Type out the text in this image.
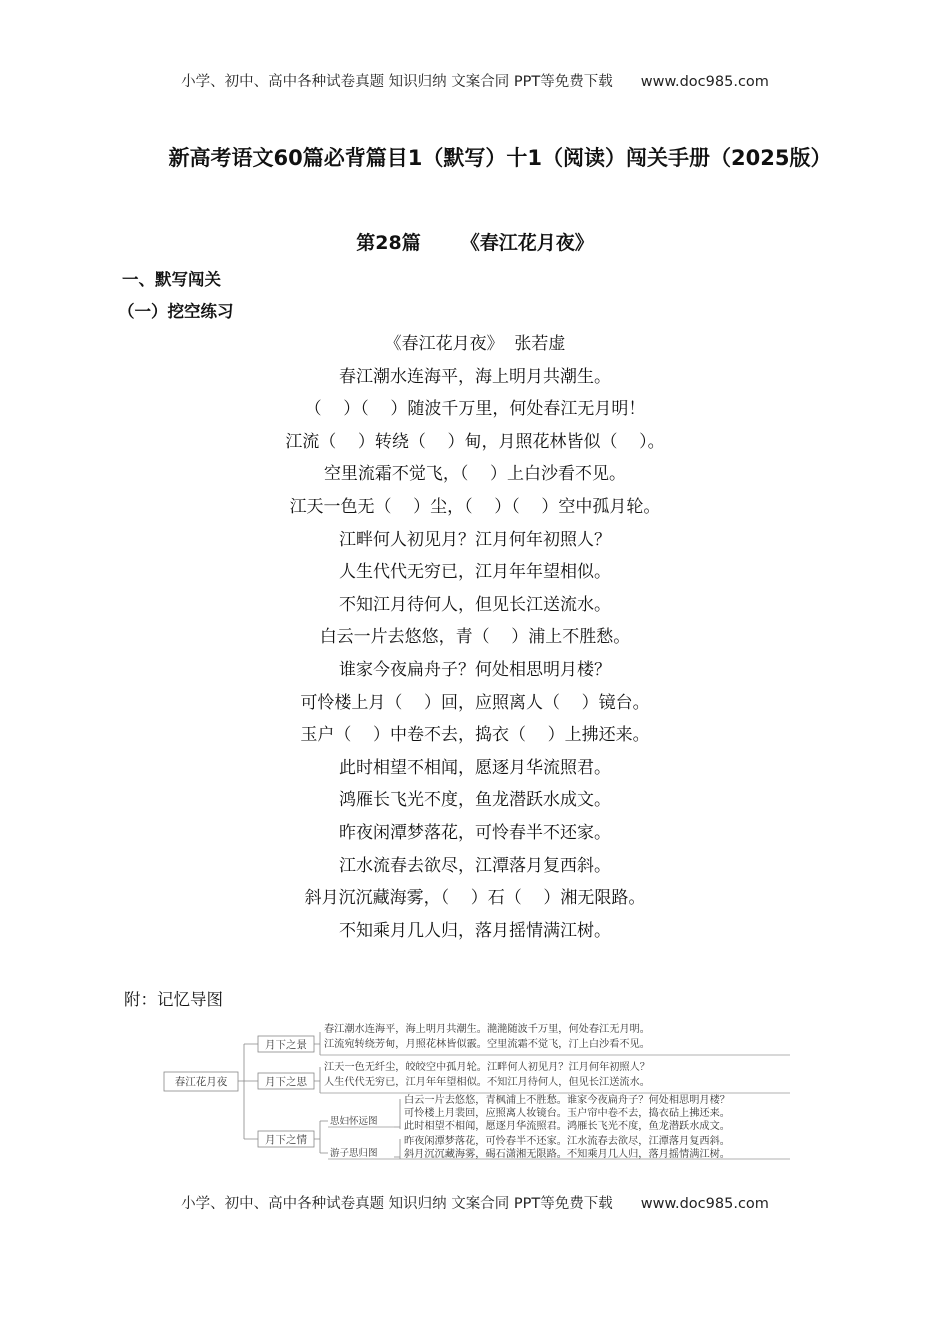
小学、初中、高中各种试卷真题 知识归纳 文案合同 PPT等免费下载 www.doc985.com
新高考语文60篇必背篇目1（默写）十1（阅读）闯关手册（2025版）
第28篇 《春江花月夜》
一、默写闯关
（一）挖空练习
《春江花月夜》  张若虚
春江潮水连海平，海上明月共潮生。
（    ）（    ）随波千万里，何处春江无月明！
江流（    ）转绕（    ）甸，月照花林皆似（    ）。
空里流霜不觉飞，（    ）上白沙看不见。
江天一色无（    ）尘，（    ）（    ）空中孤月轮。
江畔何人初见月？江月何年初照人？
人生代代无穷已，江月年年望相似。
不知江月待何人，但见长江送流水。
白云一片去悠悠，青（    ）浦上不胜愁。
谁家今夜扁舟子？何处相思明月楼？
可怜楼上月（    ）回，应照离人（    ）镜台。
玉户（    ）中卷不去，捣衣（    ）上拂还来。
此时相望不相闻，愿逐月华流照君。
鸿雁长飞光不度，鱼龙潜跃水成文。
昨夜闲潭梦落花，可怜春半不还家。
江水流春去欲尽，江潭落月复西斜。
斜月沉沉藏海雾，（    ）石（    ）湘无限路。
不知乘月几人归，落月摇情满江树。
附：记忆导图
春江花月夜
月下之景
春江潮水连海平，海上明月共潮生。滟滟随波千万里，何处春江无月明。
江流宛转绕芳甸，月照花林皆似霰。空里流霜不觉飞，汀上白沙看不见。
月下之思
江天一色无纤尘，皎皎空中孤月轮。江畔何人初见月？江月何年初照人？
人生代代无穷已，江月年年望相似。不知江月待何人，但见长江送流水。
月下之情
思妇怀远图
白云一片去悠悠，青枫浦上不胜愁。谁家今夜扁舟子？何处相思明月楼？
可怜楼上月裴回，应照离人妆镜台。玉户帘中卷不去，捣衣砧上拂还来。
此时相望不相闻，愿逐月华流照君。鸿雁长飞光不度，鱼龙潜跃水成文。
游子思归图
昨夜闲潭梦落花，可怜春半不还家。江水流春去欲尽，江潭落月复西斜。
斜月沉沉藏海雾，碣石潇湘无限路。不知乘月几人归，落月摇情满江树。
小学、初中、高中各种试卷真题 知识归纳 文案合同 PPT等免费下载 www.doc985.com
